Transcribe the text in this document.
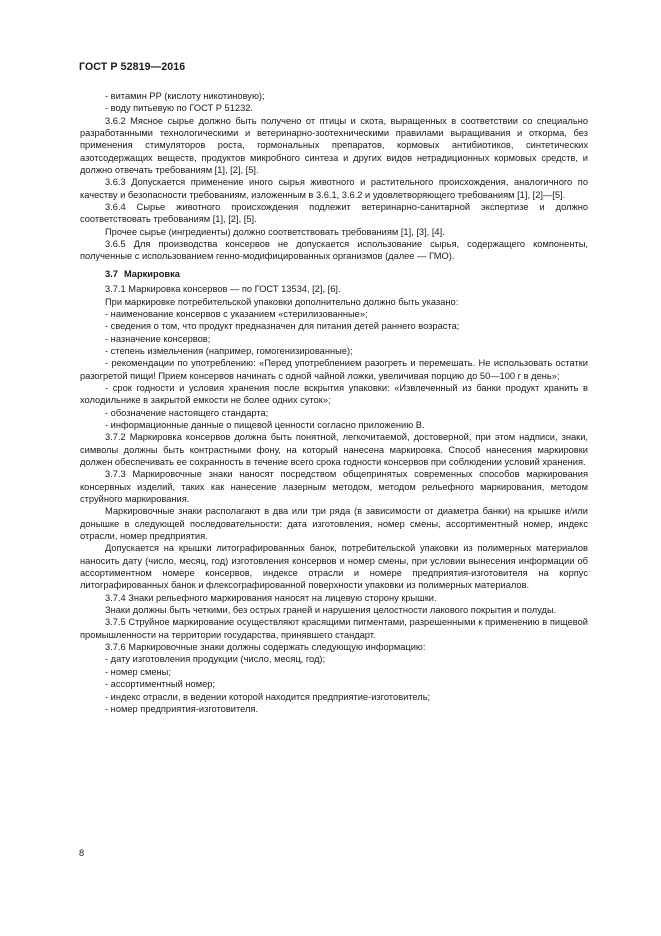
ГОСТ Р 52819—2016

- витамин PP (кислоту никотиновую);

- воду питьевую по ГОСТ Р 51232.

3.6.2 Мясное сырье должно быть получено от птицы и скота, выращенных в соответствии со специально разработанными технологическими и ветеринарно-зоотехническими правилами выращивания и откорма, без применения стимуляторов роста, гормональных препаратов, кормовых антибиотиков, синтетических азотсодержащих веществ, продуктов микробного синтеза и других видов нетрадиционных кормовых средств, и должно отвечать требованиям [1], [2], [5].

3.6.3 Допускается применение иного сырья животного и растительного происхождения, аналогичного по качеству и безопасности требованиям, изложенным в 3.6.1, 3.6.2 и удовлетворяющего требованиям [1], [2]—[5].

3.6.4 Сырье животного происхождения подлежит ветеринарно-санитарной экспертизе и должно соответствовать требованиям [1], [2], [5].

Прочее сырье (ингредиенты) должно соответствовать требованиям [1], [3], [4].

3.6.5 Для производства консервов не допускается использование сырья, содержащего компоненты, полученные с использованием генно-модифицированных организмов (далее — ГМО).

3.7 Маркировка

3.7.1 Маркировка консервов — по ГОСТ 13534, [2], [6].

При маркировке потребительской упаковки дополнительно должно быть указано:

- наименование консервов с указанием «стерилизованные»;

- сведения о том, что продукт предназначен для питания детей раннего возраста;

- назначение консервов;

- степень измельчения (например, гомогенизированные);

- рекомендации по употреблению: «Перед употреблением разогреть и перемешать. Не использовать остатки разогретой пищи! Прием консервов начинать с одной чайной ложки, увеличивая порцию до 50—100 г в день»;

- срок годности и условия хранения после вскрытия упаковки: «Извлеченный из банки продукт хранить в холодильнике в закрытой емкости не более одних суток»;

- обозначение настоящего стандарта;

- информационные данные о пищевой ценности согласно приложению В.

3.7.2 Маркировка консервов должна быть понятной, легкочитаемой, достоверной, при этом надписи, знаки, символы должны быть контрастными фону, на который нанесена маркировка. Способ нанесения маркировки должен обеспечивать ее сохранность в течение всего срока годности консервов при соблюдении условий хранения.

3.7.3 Маркировочные знаки наносят посредством общепринятых современных способов маркирования консервных изделий, таких как нанесение лазерным методом, методом рельефного маркирования, методом струйного маркирования.

Маркировочные знаки располагают в два или три ряда (в зависимости от диаметра банки) на крышке и/или донышке в следующей последовательности: дата изготовления, номер смены, ассортиментный номер, индекс отрасли, номер предприятия.

Допускается на крышки литографированных банок, потребительской упаковки из полимерных материалов наносить дату (число, месяц, год) изготовления консервов и номер смены, при условии вынесения информации об ассортиментном номере консервов, индексе отрасли и номере предприятия-изготовителя на корпус литографированных банок и флексографированной поверхности упаковки из полимерных материалов.

3.7.4 Знаки рельефного маркирования наносят на лицевую сторону крышки.

Знаки должны быть четкими, без острых граней и нарушения целостности лакового покрытия и полуды.

3.7.5 Струйное маркирование осуществляют красящими пигментами, разрешенными к применению в пищевой промышленности на территории государства, принявшего стандарт.

3.7.6 Маркировочные знаки должны содержать следующую информацию:

- дату изготовления продукции (число, месяц, год);

- номер смены;

- ассортиментный номер;

- индекс отрасли, в ведении которой находится предприятие-изготовитель;

- номер предприятия-изготовителя.

8
